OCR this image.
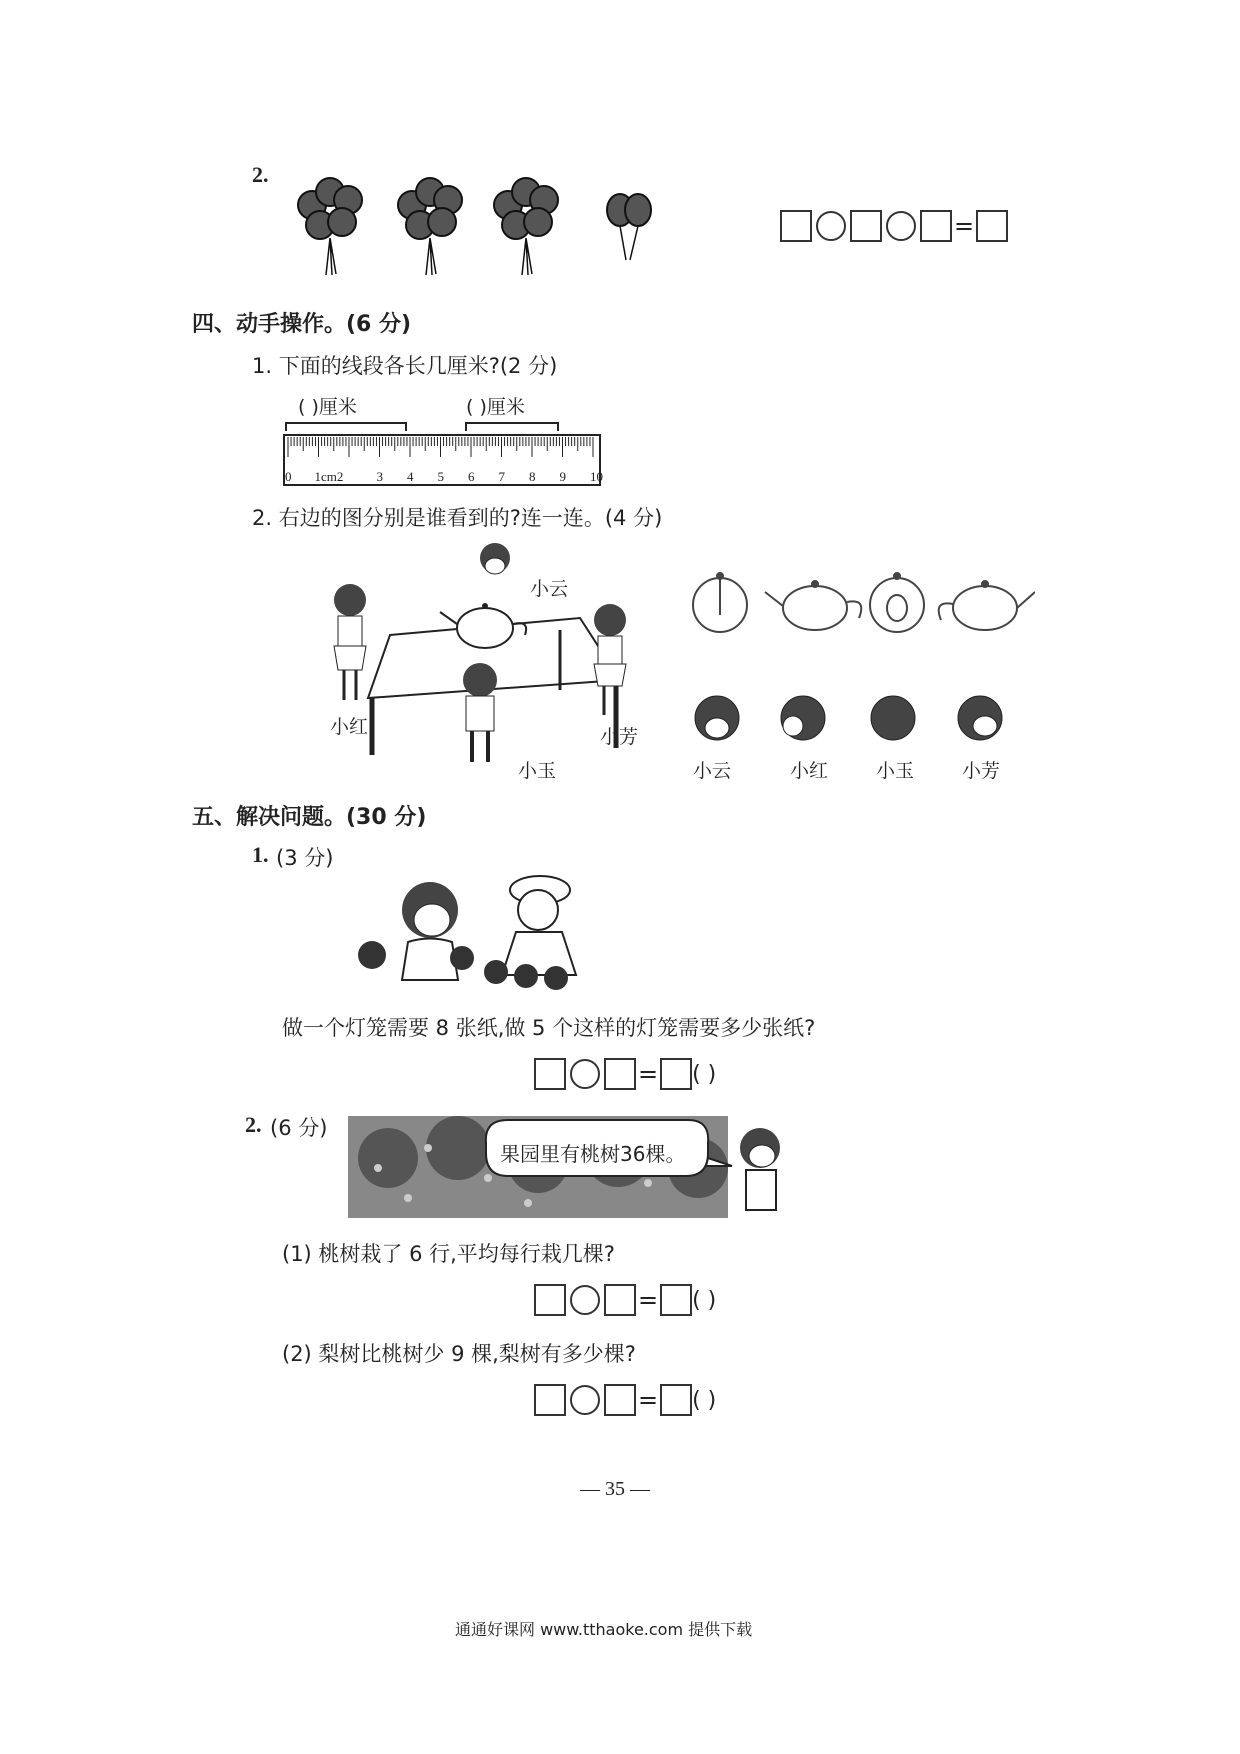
2.
=
四、动手操作。(6 分)
1. 下面的线段各长几厘米?(2 分)
( )厘米	( )厘米
0 1cm2	3 4 5 6 7 8 9 10
2. 右边的图分别是谁看到的?连一连。(4 分)
小云
小红	小芳
小玉	小云	小红	小玉	小芳
五、解决问题。(30 分)
1. (3 分)
做一个灯笼需要 8 张纸,做 5 个这样的灯笼需要多少张纸?
= ( )
2. (6 分)
果园里有桃树36棵。
(1) 桃树栽了 6 行,平均每行栽几棵?
= ( )
(2) 梨树比桃树少 9 棵,梨树有多少棵?
= ( )
— 35 —
通通好课网 www.tthaoke.com 提供下载
